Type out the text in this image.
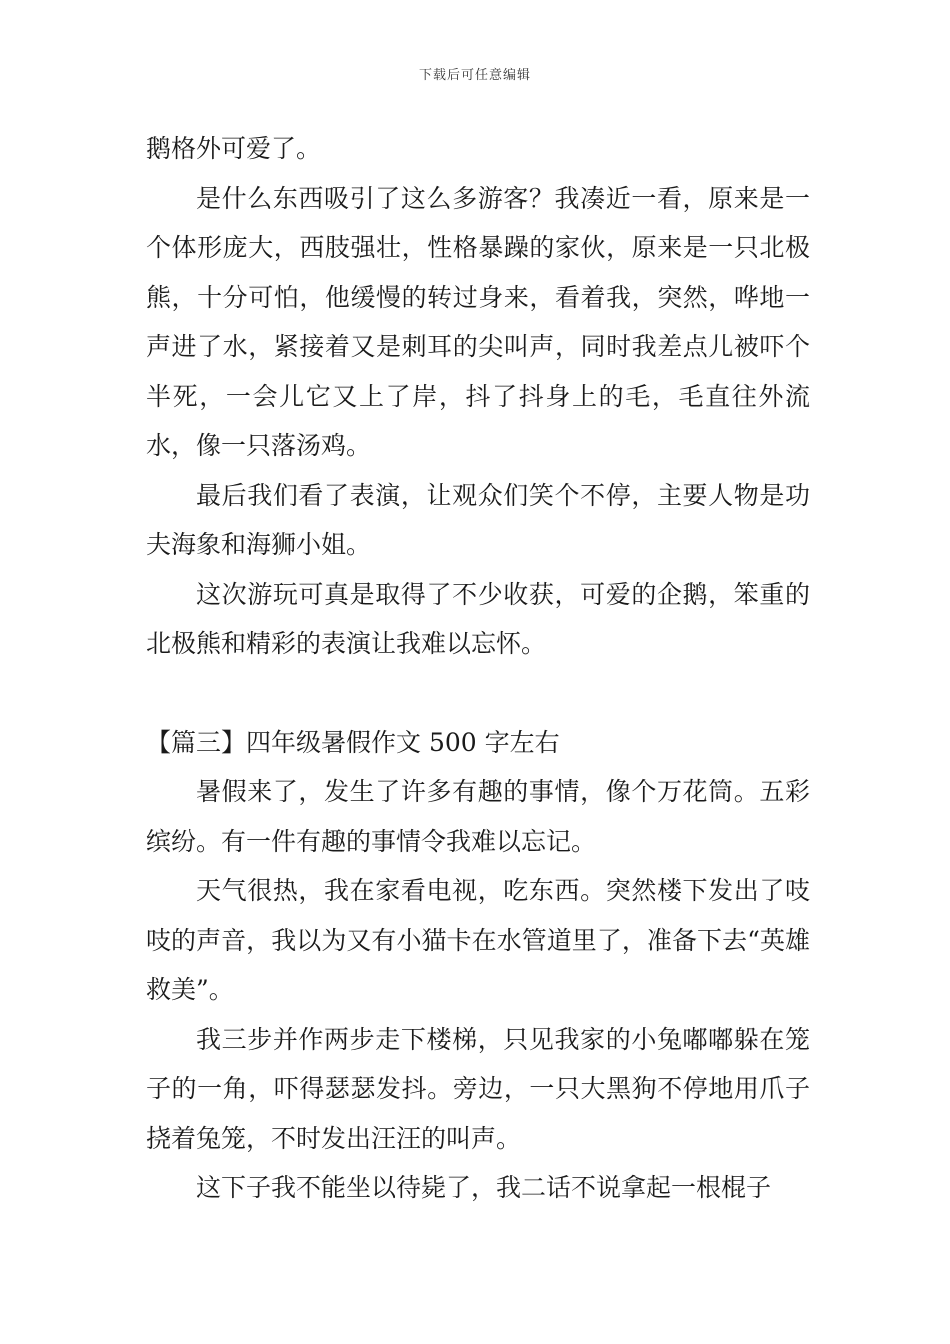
下载后可任意编辑

鹅格外可爱了。

是什么东西吸引了这么多游客？我凑近一看，原来是一个体形庞大，西肢强壮，性格暴躁的家伙，原来是一只北极熊，十分可怕，他缓慢的转过身来，看着我，突然，哗地一声进了水，紧接着又是刺耳的尖叫声，同时我差点儿被吓个半死，一会儿它又上了岸，抖了抖身上的毛，毛直往外流水，像一只落汤鸡。

最后我们看了表演，让观众们笑个不停，主要人物是功夫海象和海狮小姐。

这次游玩可真是取得了不少收获，可爱的企鹅，笨重的北极熊和精彩的表演让我难以忘怀。

【篇三】四年级暑假作文 500 字左右

暑假来了，发生了许多有趣的事情，像个万花筒。五彩缤纷。有一件有趣的事情令我难以忘记。

天气很热，我在家看电视，吃东西。突然楼下发出了吱吱的声音，我以为又有小猫卡在水管道里了，准备下去“英雄救美”。

我三步并作两步走下楼梯，只见我家的小兔嘟嘟躲在笼子的一角，吓得瑟瑟发抖。旁边，一只大黑狗不停地用爪子挠着兔笼，不时发出汪汪的叫声。

这下子我不能坐以待毙了，我二话不说拿起一根棍子
